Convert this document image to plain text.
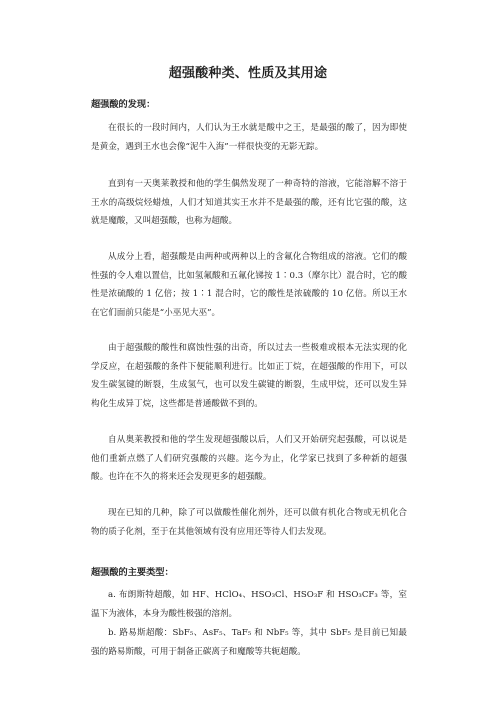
超强酸种类、性质及其用途
超强酸的发现：

在很长的一段时间内，人们认为王水就是酸中之王，是最强的酸了，因为即使是黄金，遇到王水也会像“泥牛入海”一样很快变的无影无踪。

直到有一天奥莱教授和他的学生偶然发现了一种奇特的溶液，它能溶解不溶于王水的高级烷烃蜡烛，人们才知道其实王水并不是最强的酸，还有比它强的酸，这就是魔酸，又叫超强酸，也称为超酸。

从成分上看，超强酸是由两种或两种以上的含氟化合物组成的溶液。它们的酸性强的令人难以置信，比如氢氟酸和五氟化锑按 1∶0.3（摩尔比）混合时，它的酸性是浓硫酸的 1 亿倍；按 1∶1 混合时，它的酸性是浓硫酸的 10 亿倍。所以王水在它们面前只能是“小巫见大巫”。

由于超强酸的酸性和腐蚀性强的出奇，所以过去一些极难或根本无法实现的化学反应，在超强酸的条件下便能顺利进行。比如正丁烷，在超强酸的作用下，可以发生碳氢键的断裂，生成氢气，也可以发生碳键的断裂，生成甲烷，还可以发生异构化生成异丁烷，这些都是普通酸做不到的。

自从奥莱教授和他的学生发现超强酸以后，人们又开始研究起强酸，可以说是他们重新点燃了人们研究强酸的兴趣。迄今为止，化学家已找到了多种新的超强酸。也许在不久的将来还会发现更多的超强酸。

现在已知的几种，除了可以做酸性催化剂外，还可以做有机化合物或无机化合物的质子化剂，至于在其他领域有没有应用还等待人们去发现。

超强酸的主要类型：

a. 布朗斯特超酸，如 HF、HClO₄、HSO₃Cl、HSO₃F 和 HSO₃CF₃ 等，室温下为液体，本身为酸性极强的溶剂。

b. 路易斯超酸：SbF₅、AsF₅、TaF₅ 和 NbF₅ 等，其中 SbF₅ 是目前已知最强的路易斯酸，可用于制备正碳离子和魔酸等共轭超酸。
